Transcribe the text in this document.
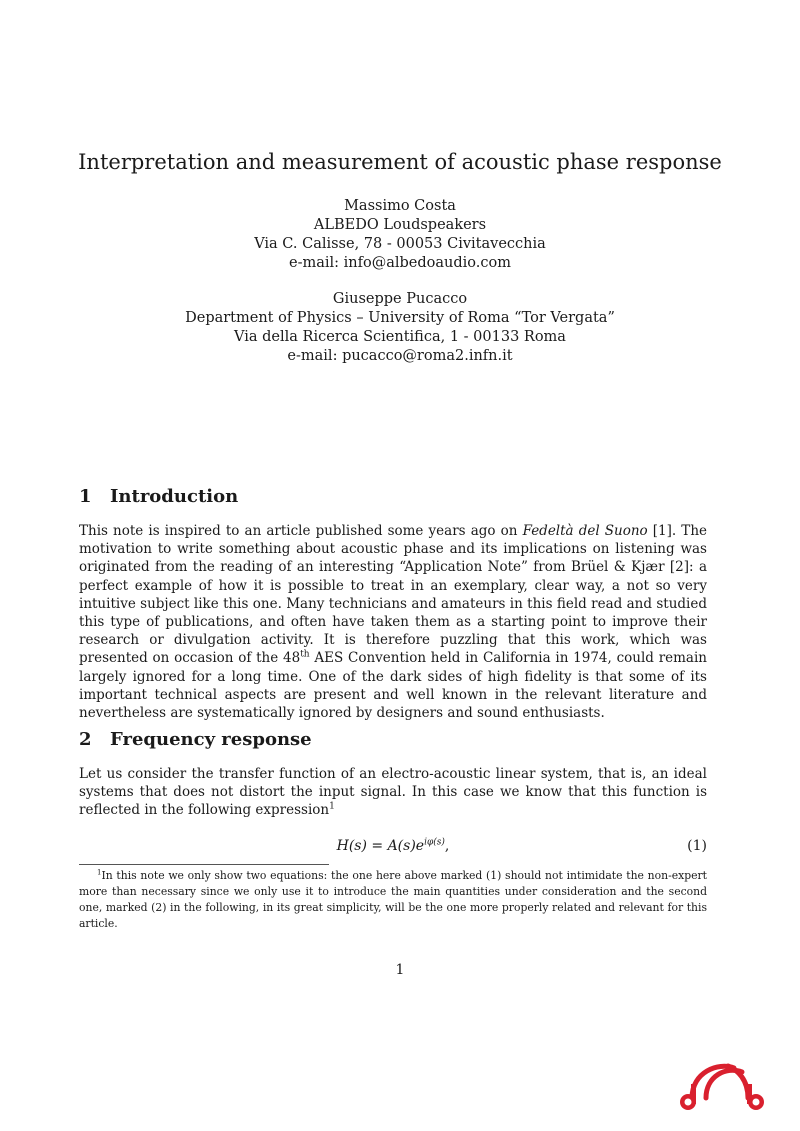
Interpretation and measurement of acoustic phase response
Massimo Costa
ALBEDO Loudspeakers
Via C. Calisse, 78 - 00053 Civitavecchia
e-mail: info@albedoaudio.com
Giuseppe Pucacco
Department of Physics – University of Roma “Tor Vergata”
Via della Ricerca Scientifica, 1 - 00133 Roma
e-mail: pucacco@roma2.infn.it
1 Introduction

This note is inspired to an article published some years ago on Fedeltà del Suono [1]. The motivation to write something about acoustic phase and its implications on listening was originated from the reading of an interesting “Application Note” from Brüel & Kjær [2]: a perfect example of how it is possible to treat in an exemplary, clear way, a not so very intuitive subject like this one. Many technicians and amateurs in this field read and studied this type of publications, and often have taken them as a starting point to improve their research or divulgation activity. It is therefore puzzling that this work, which was presented on occasion of the 48th AES Convention held in California in 1974, could remain largely ignored for a long time. One of the dark sides of high fidelity is that some of its important technical aspects are present and well known in the relevant literature and nevertheless are systematically ignored by designers and sound enthusiasts.

2 Frequency response

Let us consider the transfer function of an electro-acoustic linear system, that is, an ideal systems that does not distort the input signal. In this case we know that this function is reflected in the following expression$^1$

$H(s) = A(s)e^{i\varphi(s)}$,	(1)

$^1$In this note we only show two equations: the one here above marked (1) should not intimidate the non-expert more than necessary since we only use it to introduce the main quantities under consideration and the second one, marked (2) in the following, in its great simplicity, will be the one more properly related and relevant for this article.

1
